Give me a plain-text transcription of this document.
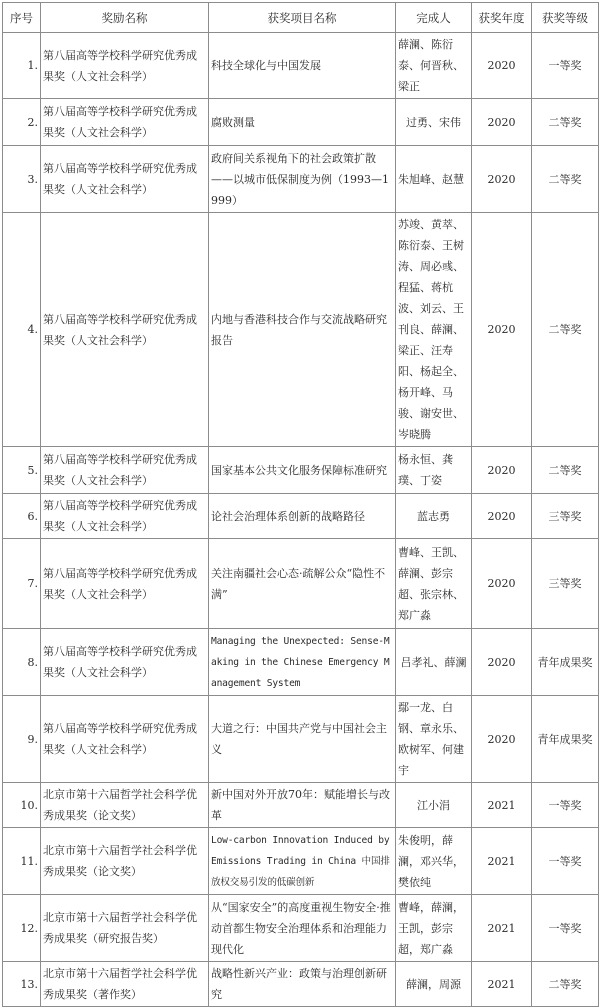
序号	奖励名称	获奖项目名称	完成人	获奖年度	获奖等级
1.	第八届高等学校科学研究优秀成果奖（人文社会科学）	科技全球化与中国发展	薛澜、陈衍泰、何晋秋、梁正	2020	一等奖
2.	第八届高等学校科学研究优秀成果奖（人文社会科学）	腐败测量	过勇、宋伟	2020	二等奖
3.	第八届高等学校科学研究优秀成果奖（人文社会科学）	政府间关系视角下的社会政策扩散——以城市低保制度为例（1993—1999）	朱旭峰、赵慧	2020	二等奖
4.	第八届高等学校科学研究优秀成果奖（人文社会科学）	内地与香港科技合作与交流战略研究报告	苏竣、黄萃、陈衍泰、王树涛、周必彧、程猛、蒋杭波、刘云、王刊良、薛澜、梁正、汪寿阳、杨起全、杨开峰、马骏、谢安世、岑晓腾	2020	二等奖
5.	第八届高等学校科学研究优秀成果奖（人文社会科学）	国家基本公共文化服务保障标准研究	杨永恒、龚璞、丁姿	2020	二等奖
6.	第八届高等学校科学研究优秀成果奖（人文社会科学）	论社会治理体系创新的战略路径	蓝志勇	2020	三等奖
7.	第八届高等学校科学研究优秀成果奖（人文社会科学）	关注南疆社会心态·疏解公众“隐性不满”	曹峰、王凯、薛澜、彭宗超、张宗林、郑广淼	2020	三等奖
8.	第八届高等学校科学研究优秀成果奖（人文社会科学）	Managing the Unexpected: Sense-Making in the Chinese Emergency Management System	吕孝礼、薛澜	2020	青年成果奖
9.	第八届高等学校科学研究优秀成果奖（人文社会科学）	大道之行：中国共产党与中国社会主义	鄢一龙、白钢、章永乐、欧树军、何建宇	2020	青年成果奖
10.	北京市第十六届哲学社会科学优秀成果奖（论文奖）	新中国对外开放70年：赋能增长与改革	江小涓	2021	一等奖
11.	北京市第十六届哲学社会科学优秀成果奖（论文奖）	Low-carbon Innovation Induced by Emissions Trading in China 中国排放权交易引发的低碳创新	朱俊明，薛澜，邓兴华，樊依纯	2021	一等奖
12.	北京市第十六届哲学社会科学优秀成果奖（研究报告奖）	从“国家安全”的高度重视生物安全·推动首都生物安全治理体系和治理能力现代化	曹峰，薛澜，王凯，彭宗超，郑广淼	2021	一等奖
13.	北京市第十六届哲学社会科学优秀成果奖（著作奖）	战略性新兴产业：政策与治理创新研究	薛澜，周源	2021	二等奖
